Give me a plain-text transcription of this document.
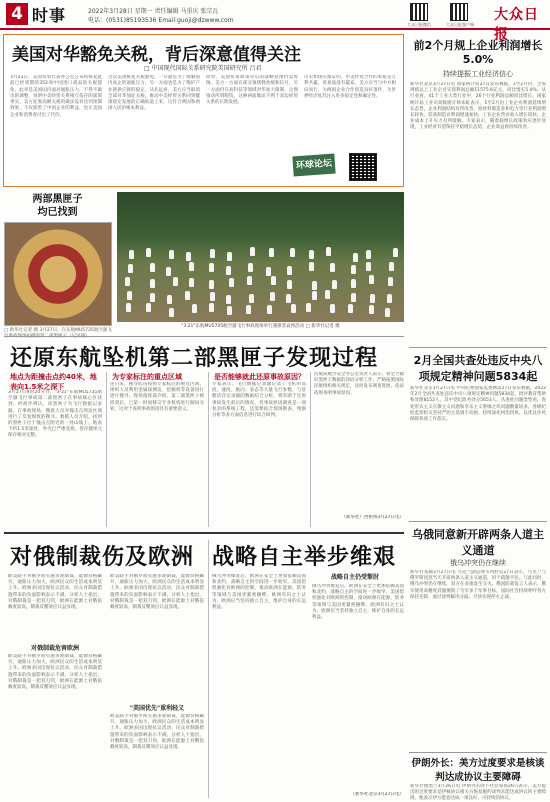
4 时事	2022年3月28日 星期一 责任编辑 马重庆 张宗瓦
电话：(0531)85193536 Email:guoji@dzwww.com
大众日报微信	大众日报客户端
大众日报
美国对华豁免关税，背后深意值得关注
□ 中国现代国际关系研究院美国研究所 吕君
3月23日，美国贸易代表办公室公布将恢复此前已经到期的352项中国进口商品的关税豁免，此举是美国国内面对通胀压力，不得不做出的调整，说明中美经贸关系相互依存的深刻事实。美方征收高额关税的做法没有达到预期效果，不仅损害了中国企业的利益，也让美国企业和消费者付出了代价。
这次美国恢复关税豁免，一方面是为了缓解国内高企的通胀压力，另一方面也是为了维护产业链供应链的稳定。从长远看，美方应当取消全部对华加征关税，推动中美经贸关系回到健康稳定发展的正确轨道上来，这符合两国和两国人民的根本利益。
同时，美国贸易政策背后的战略意图仍需警惕。美方一方面在部分领域释放缓和信号，另一方面仍在高科技等领域对华加大限制，企图推动所谓脱钩，这种两面做法不利于双边经贸关系的长期发展。
历史和现实都证明，中美经贸合作的本质是互利共赢，贸易战没有赢家。美方应当与中方相向而行，为两国企业合作创造良好条件，为世界经济复苏注入更多稳定性和确定性。
环球论坛
前2个月规上企业利润增长5.0%
持续提振工业经济信心
新华社北京3月27日电 国家统计局27日发布数据，1至2月份，全国规模以上工业企业实现利润总额11575.6亿元，同比增长5.0%。从行业看，41个工业大类行业中，26个行业利润总额同比增长。国家统计局工业司高级统计师朱虹表示，1至2月份工业企业利润延续增长态势，企业利润结构有所改善，原材料制造业和电力等行业利润增长较快，装备制造业利润增速加快，工业企业营业收入增长较快，企业成本上升压力有所缓解。专家表示，随着稳增长政策效应逐步显现，工业经济有望保持平稳增长态势，企业效益将持续改善。
2月全国共查处违反中央八项规定精神问题5834起
新华社北京3月27日电 中央纪委国家监委网站27日发布数据，2022年2月全国共查处违反中央八项规定精神问题5834起，批评教育帮助和处理8152人，其中党纪政务处分5653人。从查处问题类型看，查处形式主义官僚主义问题和享乐主义奢靡之风问题数量较多。各级纪检监察机关坚持严的主基调不动摇，持续深化纠治四风，以优良作风保障各项工作落实。
乌俄同意新开辟两条人道主义通道
俄乌冲突仍在继续
新华社基辅3月27日电 乌克兰副总理韦列舒克27日表示，乌克兰与俄罗斯同意当天开辟两条人道主义通道，用于疏散平民。与此同时，俄乌冲突仍在继续，双方在多地发生交火。俄国防部发言人表示，俄军使用高精度武器摧毁了乌军多个军事目标。国际社会持续呼吁各方保持克制，通过谈判解决分歧，尽快实现停火止战。
伊朗外长：美方过度要求是核谈判达成协议主要障碍
新华社德黑兰3月26日电 伊朗外长阿卜杜拉希扬26日表示，美方提出的过度要求是伊核协议相关方恢复履约谈判未能达成协议的主要障碍。他表示伊方愿意达成一项良好、可持续的协议。
两部黑匣子均已找到
□ 新华社记者 摄 3月27日，在东航MU5735航空器飞
"3·21"东航MU5735航空器飞行事故现场举行遇难者哀悼活动 □ 新华社记者 摄
还原东航坠机第二部黑匣子发现过程
地点为距撞击点约40米，地表向1.5米之深下
3月27日9时20分许，"3·21"东航MU5735航空器飞行事故第二部黑匣子在事故核心区找到。经初步辨认，该黑匣子为飞行数据记录器。在事故现场，搜救人员对撞击点周边区域进行了反复细致的搜寻。救援人员介绍，找到的黑匣子位于撞击点附近的一处山坡上，地表下约1.5米深处，外壳已严重受损，但存储单元保存相对完整。
为专家标注的重点区域
连日来，搜寻队伍按照专家标注的重点区域，组织人员利用金属探测仪、挖掘机等设备进行逐片搜寻。现场指挥部介绍，第二部黑匣子被找到后，已第一时间移交专业机构进行解码分析，这对于查明事故原因具有重要意义。
是否能够就此还原事故原因？
专家表示，飞行数据记录器记录了飞机的高度、速度、航向、姿态等大量飞行参数，与驻舱话音记录器的数据结合分析，将有助于还原事故发生前后的情况。但事故原因调查是一项复杂的系统工程，还需要结合现场勘查、残骸分析等多方面信息进行综合研判。
民航局航空安全办公室负责人表示，将全力做好黑匣子数据的译码分析工作，严格按照国际民航组织相关规定，及时发布调查进展，依法依规查明事故原因。
（新华社广西梧州3月27日电）
对俄制裁伤及欧洲 战略自主举步维艰
欧美联手对俄罗斯实施多轮制裁，能源价格飙升，通胀压力加大，欧洲民众的生活成本明显上升。欧洲多国出现抗议活动，民众对制裁措施带来的负面影响表示不满。分析人士指出，对俄制裁是一把双刃剑，欧洲在能源上对俄依赖度较高，制裁反噬效应日益显现。
对俄制裁危害欧洲
欧美联手对俄罗斯实施多轮制裁，能源价格飙升，通胀压力加大，欧洲民众的生活成本明显上升。欧洲多国出现抗议活动，民众对制裁措施带来的负面影响表示不满。分析人士指出，对俄制裁是一把双刃剑，欧洲在能源上对俄依赖度较高，制裁反噬效应日益显现。
"美国优先"重利轻义
欧美联手对俄罗斯实施多轮制裁，能源价格飙升，通胀压力加大，欧洲民众的生活成本明显上升。欧洲多国出现抗议活动，民众对制裁措施带来的负面影响表示不满。分析人士指出，对俄制裁是一把双刃剑，欧洲在能源上对俄依赖度较高，制裁反噬效应日益显现。
欧美联手对俄罗斯实施多轮制裁，能源价格飙升，通胀压力加大，欧洲民众的生活成本明显上升。欧洲多国出现抗议活动，民众对制裁措施带来的负面影响表示不满。分析人士指出，对俄制裁是一把双刃剑，欧洲在能源上对俄依赖度较高，制裁反噬效应日益显现。
战略自主仍受掣肘
俄乌冲突爆发后，欧洲在安全上更加依赖美国和北约，战略自主的空间进一步收窄。美国借机强化对欧洲的控制，推动欧洲在能源、防务等领域与美国更紧密捆绑。欧洲有识之士认为，欧洲应当坚持独立自主，维护自身的长远利益。
俄乌冲突爆发后，欧洲在安全上更加依赖美国和北约，战略自主的空间进一步收窄。美国借机强化对欧洲的控制，推动欧洲在能源、防务等领域与美国更紧密捆绑。欧洲有识之士认为，欧洲应当坚持独立自主，维护自身的长远利益。
（新华社北京3月27日电）
